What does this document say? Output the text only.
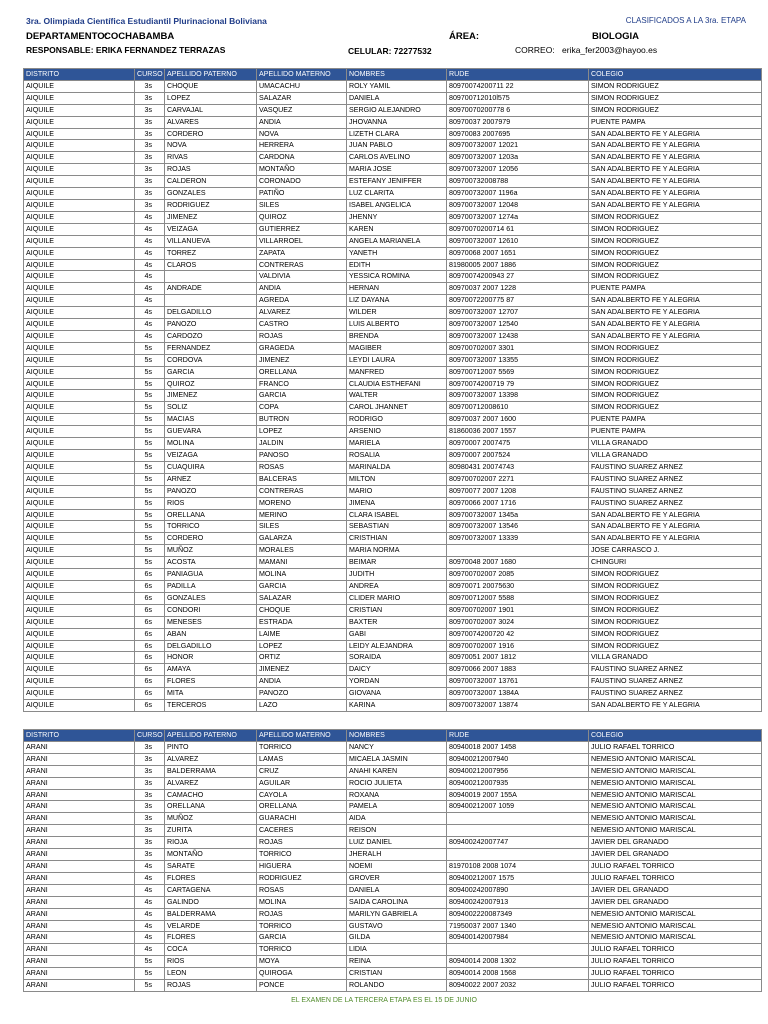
3ra. Olimpiada Científica Estudiantil Plurinacional Boliviana	CLASIFICADOS A LA 3ra. ETAPA
DEPARTAMENTO:
COCHABAMBA	ÁREA:	BIOLOGIA
RESPONSABLE: ERIKA FERNANDEZ TERRAZAS	CELULAR: 72277532	CORREO: erika_fer2003@hayoo.es
DISTRITO	CURSO	APELLIDO PATERNO	APELLIDO MATERNO	NOMBRES	RUDE	COLEGIO
AIQUILE	3s	CHOQUE	UMACACHU	ROLY YAMIL	80970074200711 22	SIMON RODRIGUEZ
AIQUILE	3s	LOPEZ	SALAZAR	DANIELA	809700712010l575	SIMON RODRIGUEZ
AIQUILE	3s	CARVAJAL	VASQUEZ	SERGIO ALEJANDRO	80970070200778 6	SIMON RODRIGUEZ
AIQUILE	3s	ALVARES	ANDIA	JHOVANNA	80970037 2007979	PUENTE PAMPA
AIQUILE	3s	CORDERO	NOVA	LIZETH CLARA	80970083 2007695	SAN ADALBERTO FE Y ALEGRIA
AIQUILE	3s	NOVA	HERRERA	JUAN PABLO	809700732007 12021	SAN ADALBERTO FE Y ALEGRIA
AIQUILE	3s	RIVAS	CARDONA	CARLOS AVELINO	809700732007 1203a	SAN ADALBERTO FE Y ALEGRIA
AIQUILE	3s	ROJAS	MONTAÑO	MARIA JOSE	809700732007 12056	SAN ADALBERTO FE Y ALEGRIA
AIQUILE	3s	CALDERON	CORONADO	ESTEFANY JENIFFER	809700732008788	SAN ADALBERTO FE Y ALEGRIA
AIQUILE	3s	GONZALES	PATIÑO	LUZ CLARITA	809700732007 1196a	SAN ADALBERTO FE Y ALEGRIA
AIQUILE	3s	RODRIGUEZ	SILES	ISABEL ANGELICA	809700732007 12048	SAN ADALBERTO FE Y ALEGRIA
AIQUILE	4s	JIMENEZ	QUIROZ	JHENNY	809700732007 1274a	SIMON RODRIGUEZ
AIQUILE	4s	VEIZAGA	GUTIERREZ	KAREN	80970070200714 61	SIMON RODRIGUEZ
AIQUILE	4s	VILLANUEVA	VILLARROEL	ANGELA MARIANELA	809700732007 12610	SIMON RODRIGUEZ
AIQUILE	4s	TORREZ	ZAPATA	YANETH	80970068 2007 1651	SIMON RODRIGUEZ
AIQUILE	4s	CLAROS	CONTRERAS	EDITH	81980005 2007 1886	SIMON RODRIGUEZ
AIQUILE	4s		VALDIVIA	YESSICA ROMINA	80970074200943 27	SIMON RODRIGUEZ
AIQUILE	4s	ANDRADE	ANDIA	HERNAN	80970037 2007 1228	PUENTE PAMPA
AIQUILE	4s		AGREDA	LIZ DAYANA	80970072200775 87	SAN ADALBERTO FE Y ALEGRIA
AIQUILE	4s	DELGADILLO	ALVAREZ	WILDER	809700732007 12707	SAN ADALBERTO FE Y ALEGRIA
AIQUILE	4s	PANOZO	CASTRO	LUIS ALBERTO	809700732007 12540	SAN ADALBERTO FE Y ALEGRIA
AIQUILE	4s	CARDOZO	ROJAS	BRENDA	809700732007 12438	SAN ADALBERTO FE Y ALEGRIA
AIQUILE	5s	FERNANDEZ	GRAGEDA	MAGIBER	809700702007 3301	SIMON RODRIGUEZ
AIQUILE	5s	CORDOVA	JIMENEZ	LEYDI LAURA	809700732007 13355	SIMON RODRIGUEZ
AIQUILE	5s	GARCIA	ORELLANA	MANFRED	809700712007 5569	SIMON RODRIGUEZ
AIQUILE	5s	QUIROZ	FRANCO	CLAUDIA ESTHEFANI	80970074200719 79	SIMON RODRIGUEZ
AIQUILE	5s	JIMENEZ	GARCIA	WALTER	809700732007 13398	SIMON RODRIGUEZ
AIQUILE	5s	SOLIZ	COPA	CAROL JHANNET	809700712008610	SIMON RODRIGUEZ
AIQUILE	5s	MACIAS	BUTRON	RODRIGO	80970037 2007 1600	PUENTE PAMPA
AIQUILE	5s	GUEVARA	LOPEZ	ARSENIO	81860036 2007 1557	PUENTE PAMPA
AIQUILE	5s	MOLINA	JALDIN	MARIELA	80970007 2007475	VILLA GRANADO
AIQUILE	5s	VEIZAGA	PANOSO	ROSALIA	80970007 2007524	VILLA GRANADO
AIQUILE	5s	CUAQUIRA	ROSAS	MARINALDA	80980431 20074743	FAUSTINO SUAREZ ARNEZ
AIQUILE	5s	ARNEZ	BALCERAS	MILTON	809700702007 2271	FAUSTINO SUAREZ ARNEZ
AIQUILE	5s	PANOZO	CONTRERAS	MARIO	80970077 2007 1208	FAUSTINO SUAREZ ARNEZ
AIQUILE	5s	RIOS	MORENO	JIMENA	80970066 2007 1716	FAUSTINO SUAREZ ARNEZ
AIQUILE	5s	ORELLANA	MERINO	CLARA ISABEL	809700732007 1345a	SAN ADALBERTO FE Y ALEGRIA
AIQUILE	5s	TORRICO	SILES	SEBASTIAN	809700732007 13546	SAN ADALBERTO FE Y ALEGRIA
AIQUILE	5s	CORDERO	GALARZA	CRISTHIAN	809700732007 13339	SAN ADALBERTO FE Y ALEGRIA
AIQUILE	5s	MUÑOZ	MORALES	MARIA NORMA		JOSE CARRASCO J.
AIQUILE	5s	ACOSTA	MAMANI	BEIMAR	80970048 2007 1680	CHINGURI
AIQUILE	6s	PANIAGUA	MOLINA	JUDITH	809700702007 2085	SIMON RODRIGUEZ
AIQUILE	6s	PADILLA	GARCIA	ANDREA	80970071 20075630	SIMON RODRIGUEZ
AIQUILE	6s	GONZALES	SALAZAR	CLIDER MARIO	809700712007 5588	SIMON RODRIGUEZ
AIQUILE	6s	CONDORI	CHOQUE	CRISTIAN	809700702007 1901	SIMON RODRIGUEZ
AIQUILE	6s	MENESES	ESTRADA	BAXTER	809700702007 3024	SIMON RODRIGUEZ
AIQUILE	6s	ABAN	LAIME	GABI	80970074200720 42	SIMON RODRIGUEZ
AIQUILE	6s	DELGADILLO	LOPEZ	LEIDY ALEJANDRA	809700702007 1916	SIMON RODRIGUEZ
AIQUILE	6s	HONOR	ORTIZ	SORAIDA	80970051 2007 1812	VILLA GRANADO
AIQUILE	6s	AMAYA	JIMENEZ	DAICY	80970066 2007 1883	FAUSTINO SUAREZ ARNEZ
AIQUILE	6s	FLORES	ANDIA	YORDAN	809700732007 13761	FAUSTINO SUAREZ ARNEZ
AIQUILE	6s	MITA	PANOZO	GIOVANA	809700732007 1384A	FAUSTINO SUAREZ ARNEZ
AIQUILE	6s	TERCEROS	LAZO	KARINA	809700732007 13874	SAN ADALBERTO FE Y ALEGRIA
DISTRITO	CURSO	APELLIDO PATERNO	APELLIDO MATERNO	NOMBRES	RUDE	COLEGIO
ARANI	3s	PINTO	TORRICO	NANCY	80940018 2007 1458	JULIO RAFAEL TORRICO
ARANI	3s	ALVAREZ	LAMAS	MICAELA JASMIN	809400212007940	NEMESIO ANTONIO MARISCAL
ARANI	3s	BALDERRAMA	CRUZ	ANAHI KAREN	809400212007956	NEMESIO ANTONIO MARISCAL
ARANI	3s	ALVAREZ	AGUILAR	ROCIO JULIETA	809400212007935	NEMESIO ANTONIO MARISCAL
ARANI	3s	CAMACHO	CAYOLA	ROXANA	80940019 2007 155A	NEMESIO ANTONIO MARISCAL
ARANI	3s	ORELLANA	ORELLANA	PAMELA	809400212007 1059	NEMESIO ANTONIO MARISCAL
ARANI	3s	MUÑOZ	GUARACHI	AIDA		NEMESIO ANTONIO MARISCAL
ARANI	3s	ZURITA	CACERES	REISON		NEMESIO ANTONIO MARISCAL
ARANI	3s	RIOJA	ROJAS	LUIZ DANIEL	809400242007747	JAVIER DEL GRANADO
ARANI	3s	MONTAÑO	TORRICO	JHERALH		JAVIER DEL GRANADO
ARANI	4s	SARATE	HIGUERA	NOEMI	81970108 2008 1074	JULIO RAFAEL TORRICO
ARANI	4s	FLORES	RODRIGUEZ	GROVER	809400212007 1575	JULIO RAFAEL TORRICO
ARANI	4s	CARTAGENA	ROSAS	DANIELA	809400242007890	JAVIER DEL GRANADO
ARANI	4s	GALINDO	MOLINA	SAIDA CAROLINA	809400242007913	JAVIER DEL GRANADO
ARANI	4s	BALDERRAMA	ROJAS	MARILYN GABRIELA	8094002220087349	NEMESIO ANTONIO MARISCAL
ARANI	4s	VELARDE	TORRICO	GUSTAVO	71950037 2007 1340	NEMESIO ANTONIO MARISCAL
ARANI	4s	FLORES	GARCIA	GILDA	809400142007984	NEMESIO ANTONIO MARISCAL
ARANI	4s	COCA	TORRICO	LIDIA		JULIO RAFAEL TORRICO
ARANI	5s	RIOS	MOYA	REINA	80940014 2008 1302	JULIO RAFAEL TORRICO
ARANI	5s	LEON	QUIROGA	CRISTIAN	80940014 2008 1568	JULIO RAFAEL TORRICO
ARANI	5s	ROJAS	PONCE	ROLANDO	80940022 2007 2032	JULIO RAFAEL TORRICO
EL EXAMEN DE LA TERCERA ETAPA ES EL 15 DE JUNIO
